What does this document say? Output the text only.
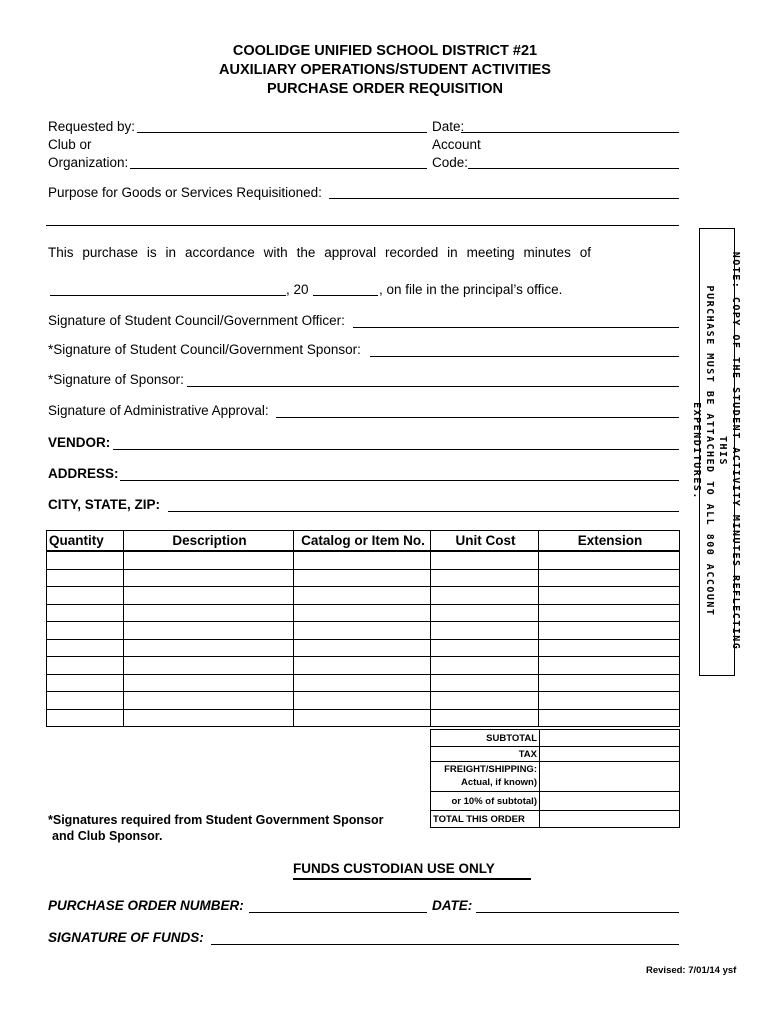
COOLIDGE UNIFIED SCHOOL DISTRICT #21
AUXILIARY OPERATIONS/STUDENT ACTIVITIES
PURCHASE ORDER REQUISITION
Requested by:
Club or
Organization:
Date:
Account
Code:
Purpose for Goods or Services Requisitioned:
This purchase is in accordance with the approval recorded in meeting minutes of
, 20	, on file in the principal’s office.
Signature of Student Council/Government Officer:
*Signature of Student Council/Government Sponsor:
*Signature of Sponsor:
Signature of Administrative Approval:
VENDOR:
ADDRESS:
CITY, STATE, ZIP:
Quantity	Description	Catalog or Item No.	Unit Cost	Extension

SUBTOTAL	
TAX	

FREIGHT/SHIPPING:
Actual, if known)	

or 10% of subtotal)	
TOTAL THIS ORDER	
*Signatures required from Student Government Sponsor
and Club Sponsor.
NOTE: COPY OF THE STUDENT ACTIVITY MINUTES REFLECTING THIS
PURCHASE MUST BE ATTACHED TO ALL 800 ACCOUNT EXPENDITURES.
FUNDS CUSTODIAN USE ONLY
PURCHASE ORDER NUMBER:	DATE:
SIGNATURE OF FUNDS:
Revised: 7/01/14 ysf
